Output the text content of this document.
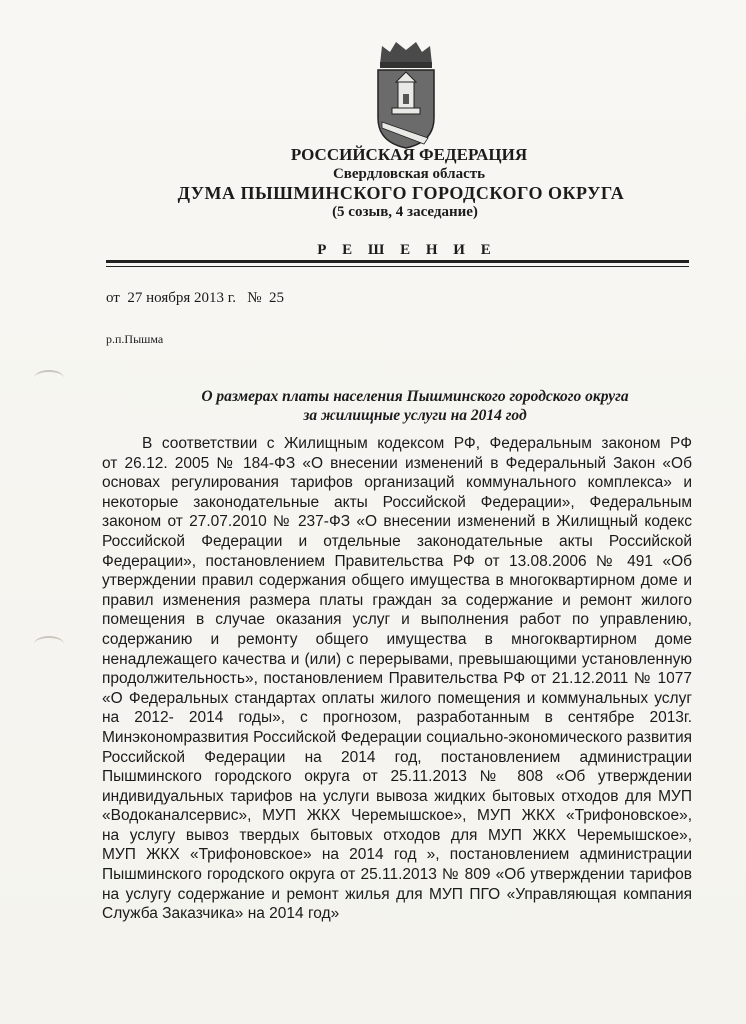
РОССИЙСКАЯ ФЕДЕРАЦИЯ
Свердловская область
ДУМА ПЫШМИНСКОГО ГОРОДСКОГО ОКРУГА
(5 созыв, 4 заседание)
Р Е Ш Е Н И Е
от  27 ноября 2013 г.   №  25
р.п.Пышма
О размерах платы населения Пышминского городского округа
за жилищные услуги на 2014 год
В соответствии с Жилищным кодексом РФ, Федеральным законом РФ
от 26.12. 2005 № 184-ФЗ «О внесении изменений в Федеральный Закон «Об
основах регулирования тарифов организаций коммунального комплекса» и
некоторые законодательные акты Российской Федерации», Федеральным
законом от 27.07.2010 № 237-ФЗ «О внесении изменений в Жилищный кодекс
Российской Федерации и отдельные законодательные акты Российской
Федерации», постановлением Правительства РФ от 13.08.2006 № 491 «Об
утверждении правил содержания общего имущества в многоквартирном доме и
правил изменения размера платы граждан за содержание и ремонт жилого
помещения в случае оказания услуг и выполнения работ по управлению,
содержанию и ремонту общего имущества в многоквартирном доме
ненадлежащего качества и (или) с перерывами, превышающими установленную
продолжительность», постановлением Правительства РФ от 21.12.2011 № 1077
«О Федеральных стандартах оплаты жилого помещения и коммунальных услуг
на 2012- 2014 годы», с прогнозом, разработанным в сентябре 2013г.
Минэкономразвития Российской Федерации социально-экономического развития
Российской Федерации на 2014 год, постановлением администрации
Пышминского городского округа от 25.11.2013 № 808 «Об утверждении
индивидуальных тарифов на услуги вывоза жидких бытовых отходов для МУП
«Водоканалсервис», МУП ЖКХ Черемышское», МУП ЖКХ «Трифоновское»,
на услугу вывоз твердых бытовых отходов для МУП ЖКХ Черемышское»,
МУП ЖКХ «Трифоновское» на 2014 год », постановлением администрации
Пышминского городского округа от 25.11.2013 № 809 «Об утверждении тарифов
на услугу содержание и ремонт жилья для МУП ПГО «Управляющая компания
Служба Заказчика» на 2014 год»
